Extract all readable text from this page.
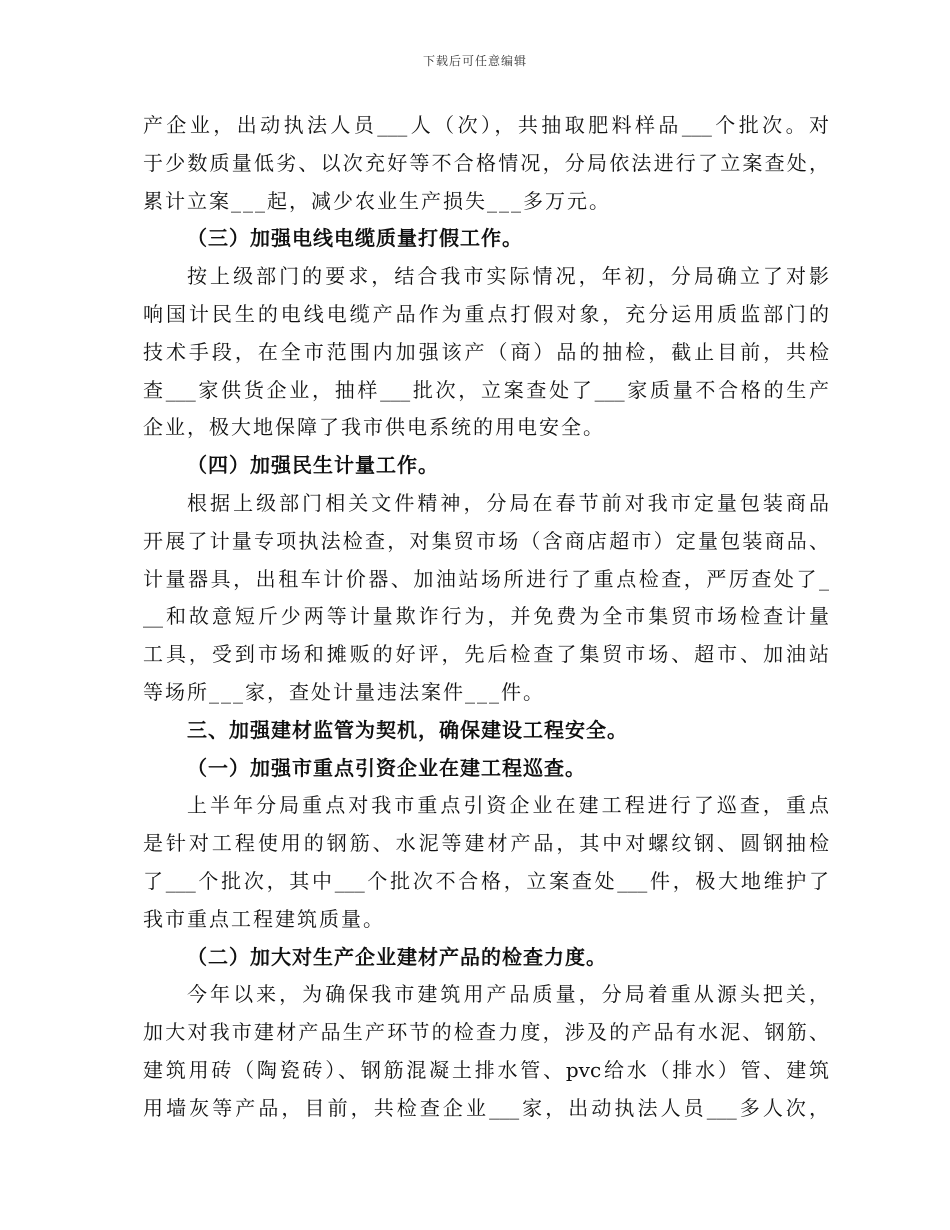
下载后可任意编辑
产企业，出动执法人员___人（次），共抽取肥料样品___个批次。对
于少数质量低劣、以次充好等不合格情况，分局依法进行了立案查处，
累计立案___起，减少农业生产损失___多万元。
（三）加强电线电缆质量打假工作。
按上级部门的要求，结合我市实际情况，年初，分局确立了对影
响国计民生的电线电缆产品作为重点打假对象，充分运用质监部门的
技术手段，在全市范围内加强该产（商）品的抽检，截止目前，共检
查___家供货企业，抽样___批次，立案查处了___家质量不合格的生产
企业，极大地保障了我市供电系统的用电安全。
（四）加强民生计量工作。
根据上级部门相关文件精神，分局在春节前对我市定量包装商品
开展了计量专项执法检查，对集贸市场（含商店超市）定量包装商品、
计量器具，出租车计价器、加油站场所进行了重点检查，严厉查处了_
__和故意短斤少两等计量欺诈行为，并免费为全市集贸市场检查计量
工具，受到市场和摊贩的好评，先后检查了集贸市场、超市、加油站
等场所___家，查处计量违法案件___件。
三、加强建材监管为契机，确保建设工程安全。
（一）加强市重点引资企业在建工程巡查。
上半年分局重点对我市重点引资企业在建工程进行了巡查，重点
是针对工程使用的钢筋、水泥等建材产品，其中对螺纹钢、圆钢抽检
了___个批次，其中___个批次不合格，立案查处___件，极大地维护了
我市重点工程建筑质量。
（二）加大对生产企业建材产品的检查力度。
今年以来，为确保我市建筑用产品质量，分局着重从源头把关，
加大对我市建材产品生产环节的检查力度，涉及的产品有水泥、钢筋、
建筑用砖（陶瓷砖）、钢筋混凝土排水管、pvc给水（排水）管、建筑
用墙灰等产品，目前，共检查企业___家，出动执法人员___多人次，
